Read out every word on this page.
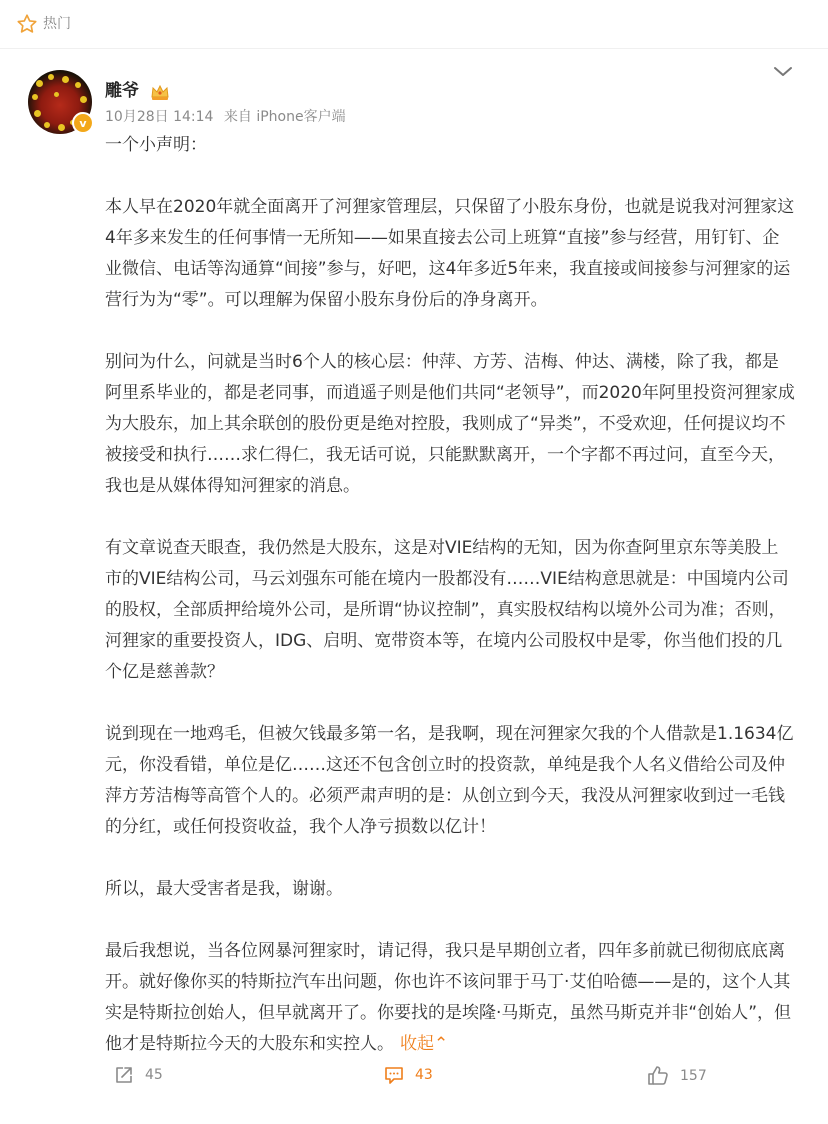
热门
v
雕爷
10月28日 14:14 来自 iPhone客户端

一个小声明：

本人早在2020年就全面离开了河狸家管理层，只保留了小股东身份，也就是说我对河狸家这4年多来发生的任何事情一无所知——如果直接去公司上班算“直接”参与经营，用钉钉、企业微信、电话等沟通算“间接”参与，好吧，这4年多近5年来，我直接或间接参与河狸家的运营行为为“零”。可以理解为保留小股东身份后的净身离开。

别问为什么，问就是当时6个人的核心层：仲萍、方芳、洁梅、仲达、满楼，除了我，都是阿里系毕业的，都是老同事，而逍遥子则是他们共同“老领导”，而2020年阿里投资河狸家成为大股东，加上其余联创的股份更是绝对控股，我则成了“异类”，不受欢迎，任何提议均不被接受和执行……求仁得仁，我无话可说，只能默默离开，一个字都不再过问，直至今天，我也是从媒体得知河狸家的消息。

有文章说查天眼查，我仍然是大股东，这是对VIE结构的无知，因为你查阿里京东等美股上市的VIE结构公司，马云刘强东可能在境内一股都没有……VIE结构意思就是：中国境内公司的股权，全部质押给境外公司，是所谓“协议控制”，真实股权结构以境外公司为准；否则，河狸家的重要投资人，IDG、启明、宽带资本等，在境内公司股权中是零，你当他们投的几个亿是慈善款？

说到现在一地鸡毛，但被欠钱最多第一名，是我啊，现在河狸家欠我的个人借款是1.1634亿元，你没看错，单位是亿……这还不包含创立时的投资款，单纯是我个人名义借给公司及仲萍方芳洁梅等高管个人的。必须严肃声明的是：从创立到今天，我没从河狸家收到过一毛钱的分红，或任何投资收益，我个人净亏损数以亿计！

所以，最大受害者是我，谢谢。

最后我想说，当各位网暴河狸家时，请记得，我只是早期创立者，四年多前就已彻彻底底离开。就好像你买的特斯拉汽车出问题，你也许不该问罪于马丁·艾伯哈德——是的，这个人其实是特斯拉创始人，但早就离开了。你要找的是埃隆·马斯克，虽然马斯克并非“创始人”，但他才是特斯拉今天的大股东和实控人。 收起⌃

45	43	157
